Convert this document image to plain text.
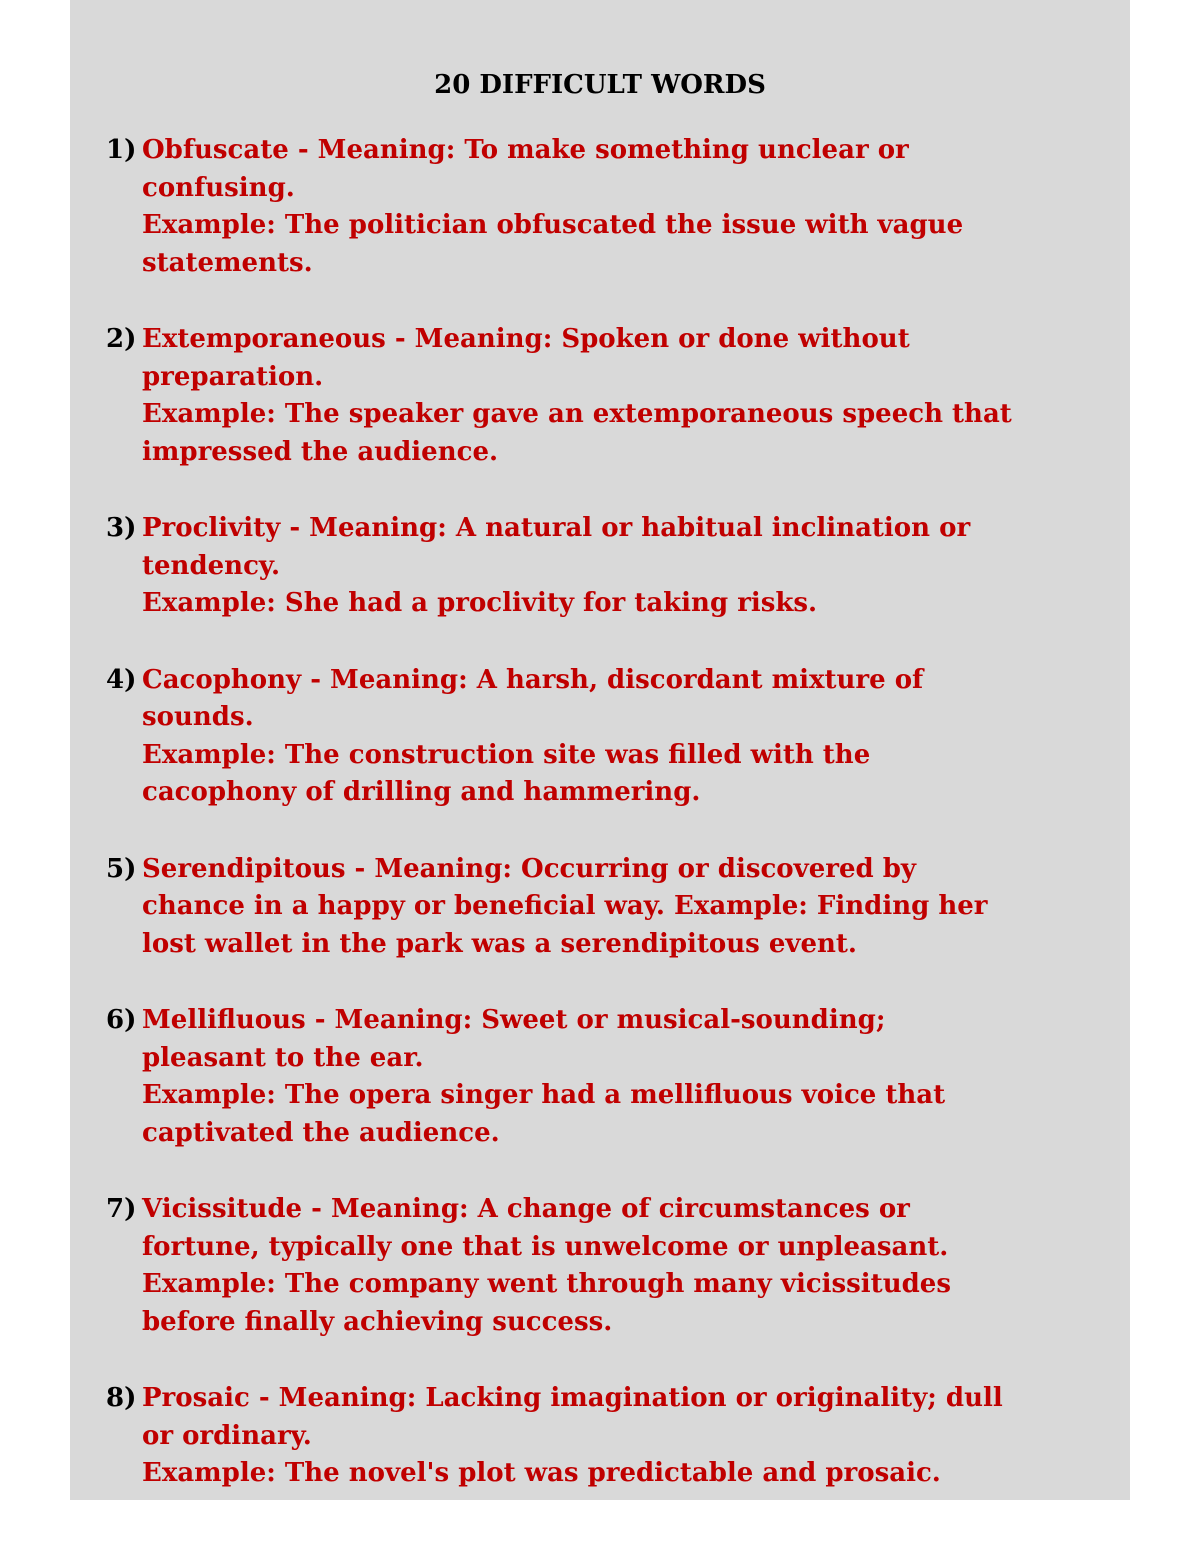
20 DIFFICULT WORDS
1) Obfuscate - Meaning: To make something unclear or
confusing.
Example: The politician obfuscated the issue with vague
statements.
2) Extemporaneous - Meaning: Spoken or done without
preparation.
Example: The speaker gave an extemporaneous speech that
impressed the audience.
3) Proclivity - Meaning: A natural or habitual inclination or
tendency.
Example: She had a proclivity for taking risks.
4) Cacophony - Meaning: A harsh, discordant mixture of
sounds.
Example: The construction site was filled with the
cacophony of drilling and hammering.
5) Serendipitous - Meaning: Occurring or discovered by
chance in a happy or beneficial way. Example: Finding her
lost wallet in the park was a serendipitous event.
6) Mellifluous - Meaning: Sweet or musical-sounding;
pleasant to the ear.
Example: The opera singer had a mellifluous voice that
captivated the audience.
7) Vicissitude - Meaning: A change of circumstances or
fortune, typically one that is unwelcome or unpleasant.
Example: The company went through many vicissitudes
before finally achieving success.
8) Prosaic - Meaning: Lacking imagination or originality; dull
or ordinary.
Example: The novel's plot was predictable and prosaic.
